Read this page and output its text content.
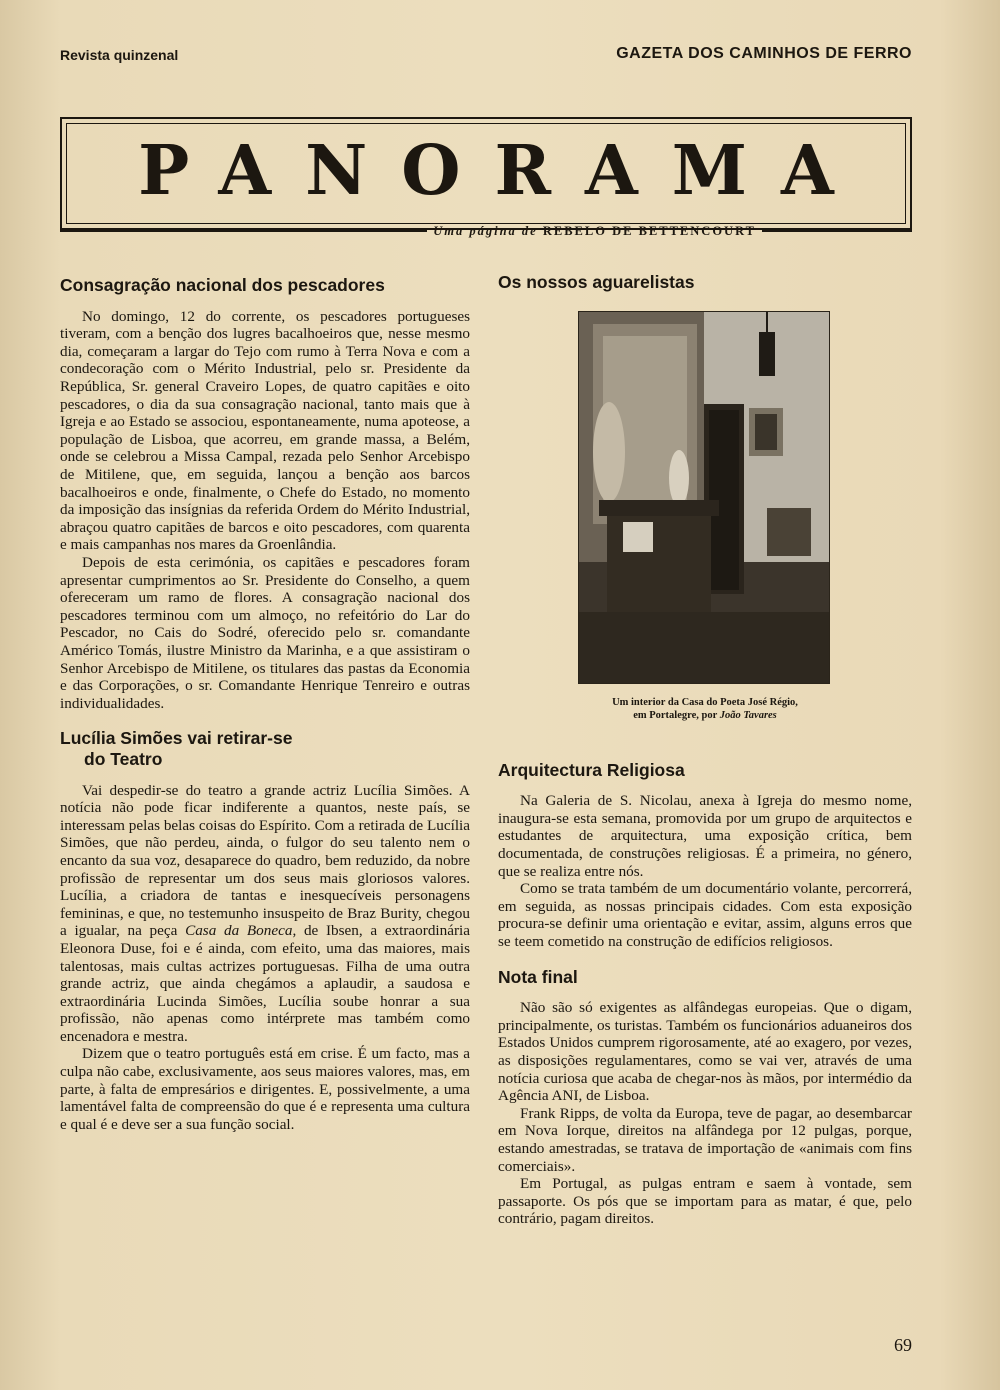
Revista quinzenal	GAZETA DOS CAMINHOS DE FERRO
PANORAMA
Uma página de REBELO DE BETTENCOURT
Consagração nacional dos pescadores

No domingo, 12 do corrente, os pescadores portugueses tiveram, com a benção dos lugres bacalhoeiros que, nesse mesmo dia, começaram a largar do Tejo com rumo à Terra Nova e com a condecoração com o Mérito Industrial, pelo sr. Presidente da República, Sr. general Craveiro Lopes, de quatro capitães e oito pescadores, o dia da sua consagração nacional, tanto mais que à Igreja e ao Estado se associou, espontaneamente, numa apoteose, a população de Lisboa, que acorreu, em grande massa, a Belém, onde se celebrou a Missa Campal, rezada pelo Senhor Arcebispo de Mitilene, que, em seguida, lançou a benção aos barcos bacalhoeiros e onde, finalmente, o Chefe do Estado, no momento da imposição das insígnias da referida Ordem do Mérito Industrial, abraçou quatro capitães de barcos e oito pescadores, com quarenta e mais campanhas nos mares da Groenlândia.

Depois de esta cerimónia, os capitães e pescadores foram apresentar cumprimentos ao Sr. Presidente do Conselho, a quem ofereceram um ramo de flores. A consagração nacional dos pescadores terminou com um almoço, no refeitório do Lar do Pescador, no Cais do Sodré, oferecido pelo sr. comandante Américo Tomás, ilustre Ministro da Marinha, e a que assistiram o Senhor Arcebispo de Mitilene, os titulares das pastas da Economia e das Corporações, o sr. Comandante Henrique Tenreiro e outras individualidades.

Lucília Simões vai retirar-se
do Teatro

Vai despedir-se do teatro a grande actriz Lucília Simões. A notícia não pode ficar indiferente a quantos, neste país, se interessam pelas belas coisas do Espírito. Com a retirada de Lucília Simões, que não perdeu, ainda, o fulgor do seu talento nem o encanto da sua voz, desaparece do quadro, bem reduzido, da nobre profissão de representar um dos seus mais gloriosos valores. Lucília, a criadora de tantas e inesquecíveis personagens femininas, e que, no testemunho insuspeito de Braz Burity, chegou a igualar, na peça Casa da Boneca, de Ibsen, a extraordinária Eleonora Duse, foi e é ainda, com efeito, uma das maiores, mais talentosas, mais cultas actrizes portuguesas. Filha de uma outra grande actriz, que ainda chegámos a aplaudir, a saudosa e extraordinária Lucinda Simões, Lucília soube honrar a sua profissão, não apenas como intérprete mas também como encenadora e mestra.

Dizem que o teatro português está em crise. É um facto, mas a culpa não cabe, exclusivamente, aos seus maiores valores, mas, em parte, à falta de empresários e dirigentes. E, possivelmente, a uma lamentável falta de compreensão do que é e representa uma cultura e qual é e deve ser a sua função social.

Os nossos aguarelistas
Um interior da Casa do Poeta José Régio,
em Portalegre, por João Tavares
Arquitectura Religiosa

Na Galeria de S. Nicolau, anexa à Igreja do mesmo nome, inaugura-se esta semana, promovida por um grupo de arquitectos e estudantes de arquitectura, uma exposição crítica, bem documentada, de construções religiosas. É a primeira, no género, que se realiza entre nós.

Como se trata também de um documentário volante, percorrerá, em seguida, as nossas principais cidades. Com esta exposição procura-se definir uma orientação e evitar, assim, alguns erros que se teem cometido na construção de edifícios religiosos.

Nota final

Não são só exigentes as alfândegas europeias. Que o digam, principalmente, os turistas. Também os funcionários aduaneiros dos Estados Unidos cumprem rigorosamente, até ao exagero, por vezes, as disposições regulamentares, como se vai ver, através de uma notícia curiosa que acaba de chegar-nos às mãos, por intermédio da Agência ANI, de Lisboa.

Frank Ripps, de volta da Europa, teve de pagar, ao desembarcar em Nova Iorque, direitos na alfândega por 12 pulgas, porque, estando amestradas, se tratava de importação de «animais com fins comerciais».

Em Portugal, as pulgas entram e saem à vontade, sem passaporte. Os pós que se importam para as matar, é que, pelo contrário, pagam direitos.

69
